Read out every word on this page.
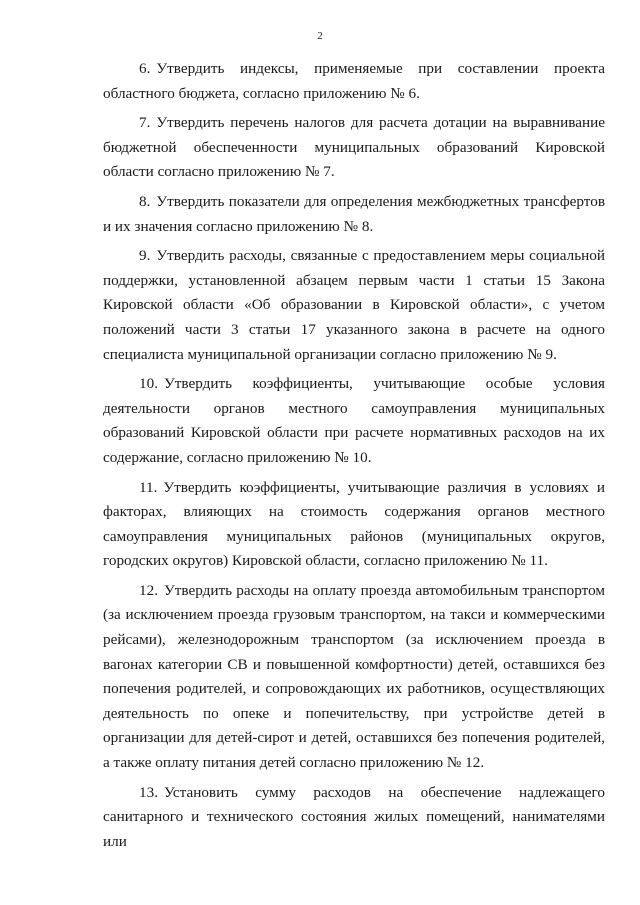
2

6. Утвердить индексы, применяемые при составлении проекта областного бюджета, согласно приложению № 6.

7. Утвердить перечень налогов для расчета дотации на выравнивание бюджетной обеспеченности муниципальных образований Кировской области согласно приложению № 7.

8. Утвердить показатели для определения межбюджетных трансфертов и их значения согласно приложению № 8.

9. Утвердить расходы, связанные с предоставлением меры социальной поддержки, установленной абзацем первым части 1 статьи 15 Закона Кировской области «Об образовании в Кировской области», с учетом положений части 3 статьи 17 указанного закона в расчете на одного специалиста муниципальной организации согласно приложению № 9.

10. Утвердить коэффициенты, учитывающие особые условия деятельности органов местного самоуправления муниципальных образований Кировской области при расчете нормативных расходов на их содержание, согласно приложению № 10.

11. Утвердить коэффициенты, учитывающие различия в условиях и факторах, влияющих на стоимость содержания органов местного самоуправления муниципальных районов (муниципальных округов, городских округов) Кировской области, согласно приложению № 11.

12. Утвердить расходы на оплату проезда автомобильным транспортом (за исключением проезда грузовым транспортом, на такси и коммерческими рейсами), железнодорожным транспортом (за исключением проезда в вагонах категории СВ и повышенной комфортности) детей, оставшихся без попечения родителей, и сопровождающих их работников, осуществляющих деятельность по опеке и попечительству, при устройстве детей в организации для детей-сирот и детей, оставшихся без попечения родителей, а также оплату питания детей согласно приложению № 12.

13. Установить сумму расходов на обеспечение надлежащего санитарного и технического состояния жилых помещений, нанимателями или
